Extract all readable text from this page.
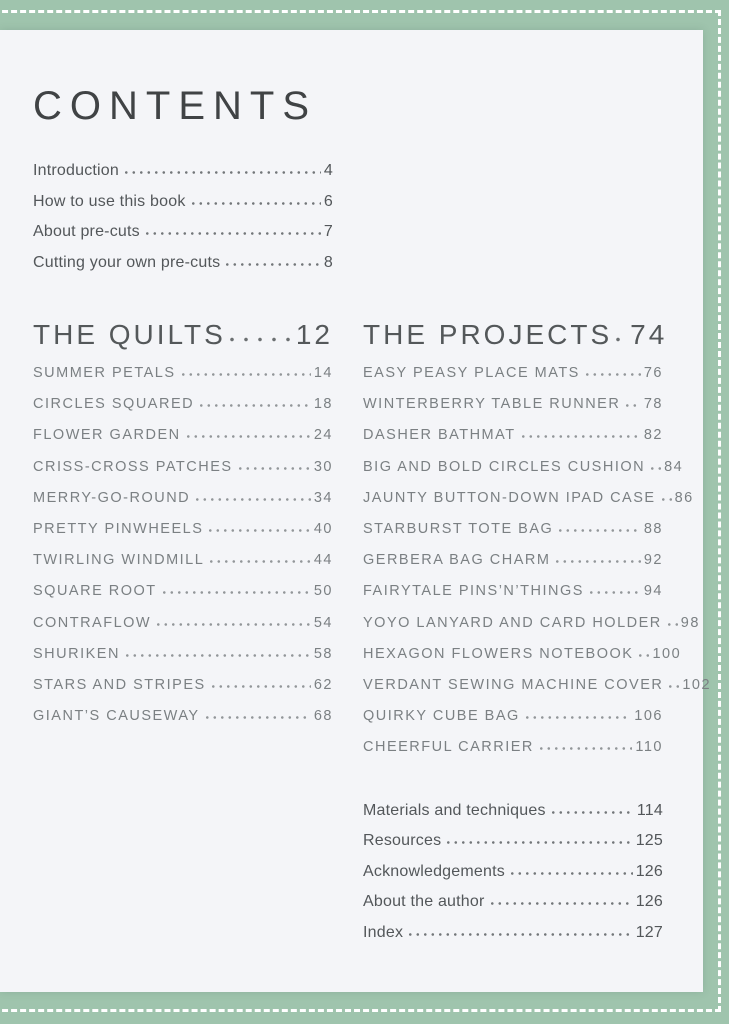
CONTENTS
Introduction	4
How to use this book	6
About pre-cuts	7
Cutting your own pre-cuts	8
THE QUILTS	12
SUMMER PETALS	14
CIRCLES SQUARED	18
FLOWER GARDEN	24
CRISS-CROSS PATCHES	30
MERRY-GO-ROUND	34
PRETTY PINWHEELS	40
TWIRLING WINDMILL	44
SQUARE ROOT	50
CONTRAFLOW	54
SHURIKEN	58
STARS AND STRIPES	62
GIANT’S CAUSEWAY	68
THE PROJECTS 74
EASY PEASY PLACE MATS	76
WINTERBERRY TABLE RUNNER 78
DASHER BATHMAT	82
BIG AND BOLD CIRCLES CUSHION 84
JAUNTY BUTTON-DOWN IPAD CASE 86
STARBURST TOTE BAG	88
GERBERA BAG CHARM	92
FAIRYTALE PINS’N’THINGS	94
YOYO LANYARD AND CARD HOLDER 98
HEXAGON FLOWERS NOTEBOOK 100
VERDANT SEWING MACHINE COVER 102
QUIRKY CUBE BAG	106
CHEERFUL CARRIER	110
Materials and techniques	114
Resources	125
Acknowledgements	126
About the author	126
Index	127
